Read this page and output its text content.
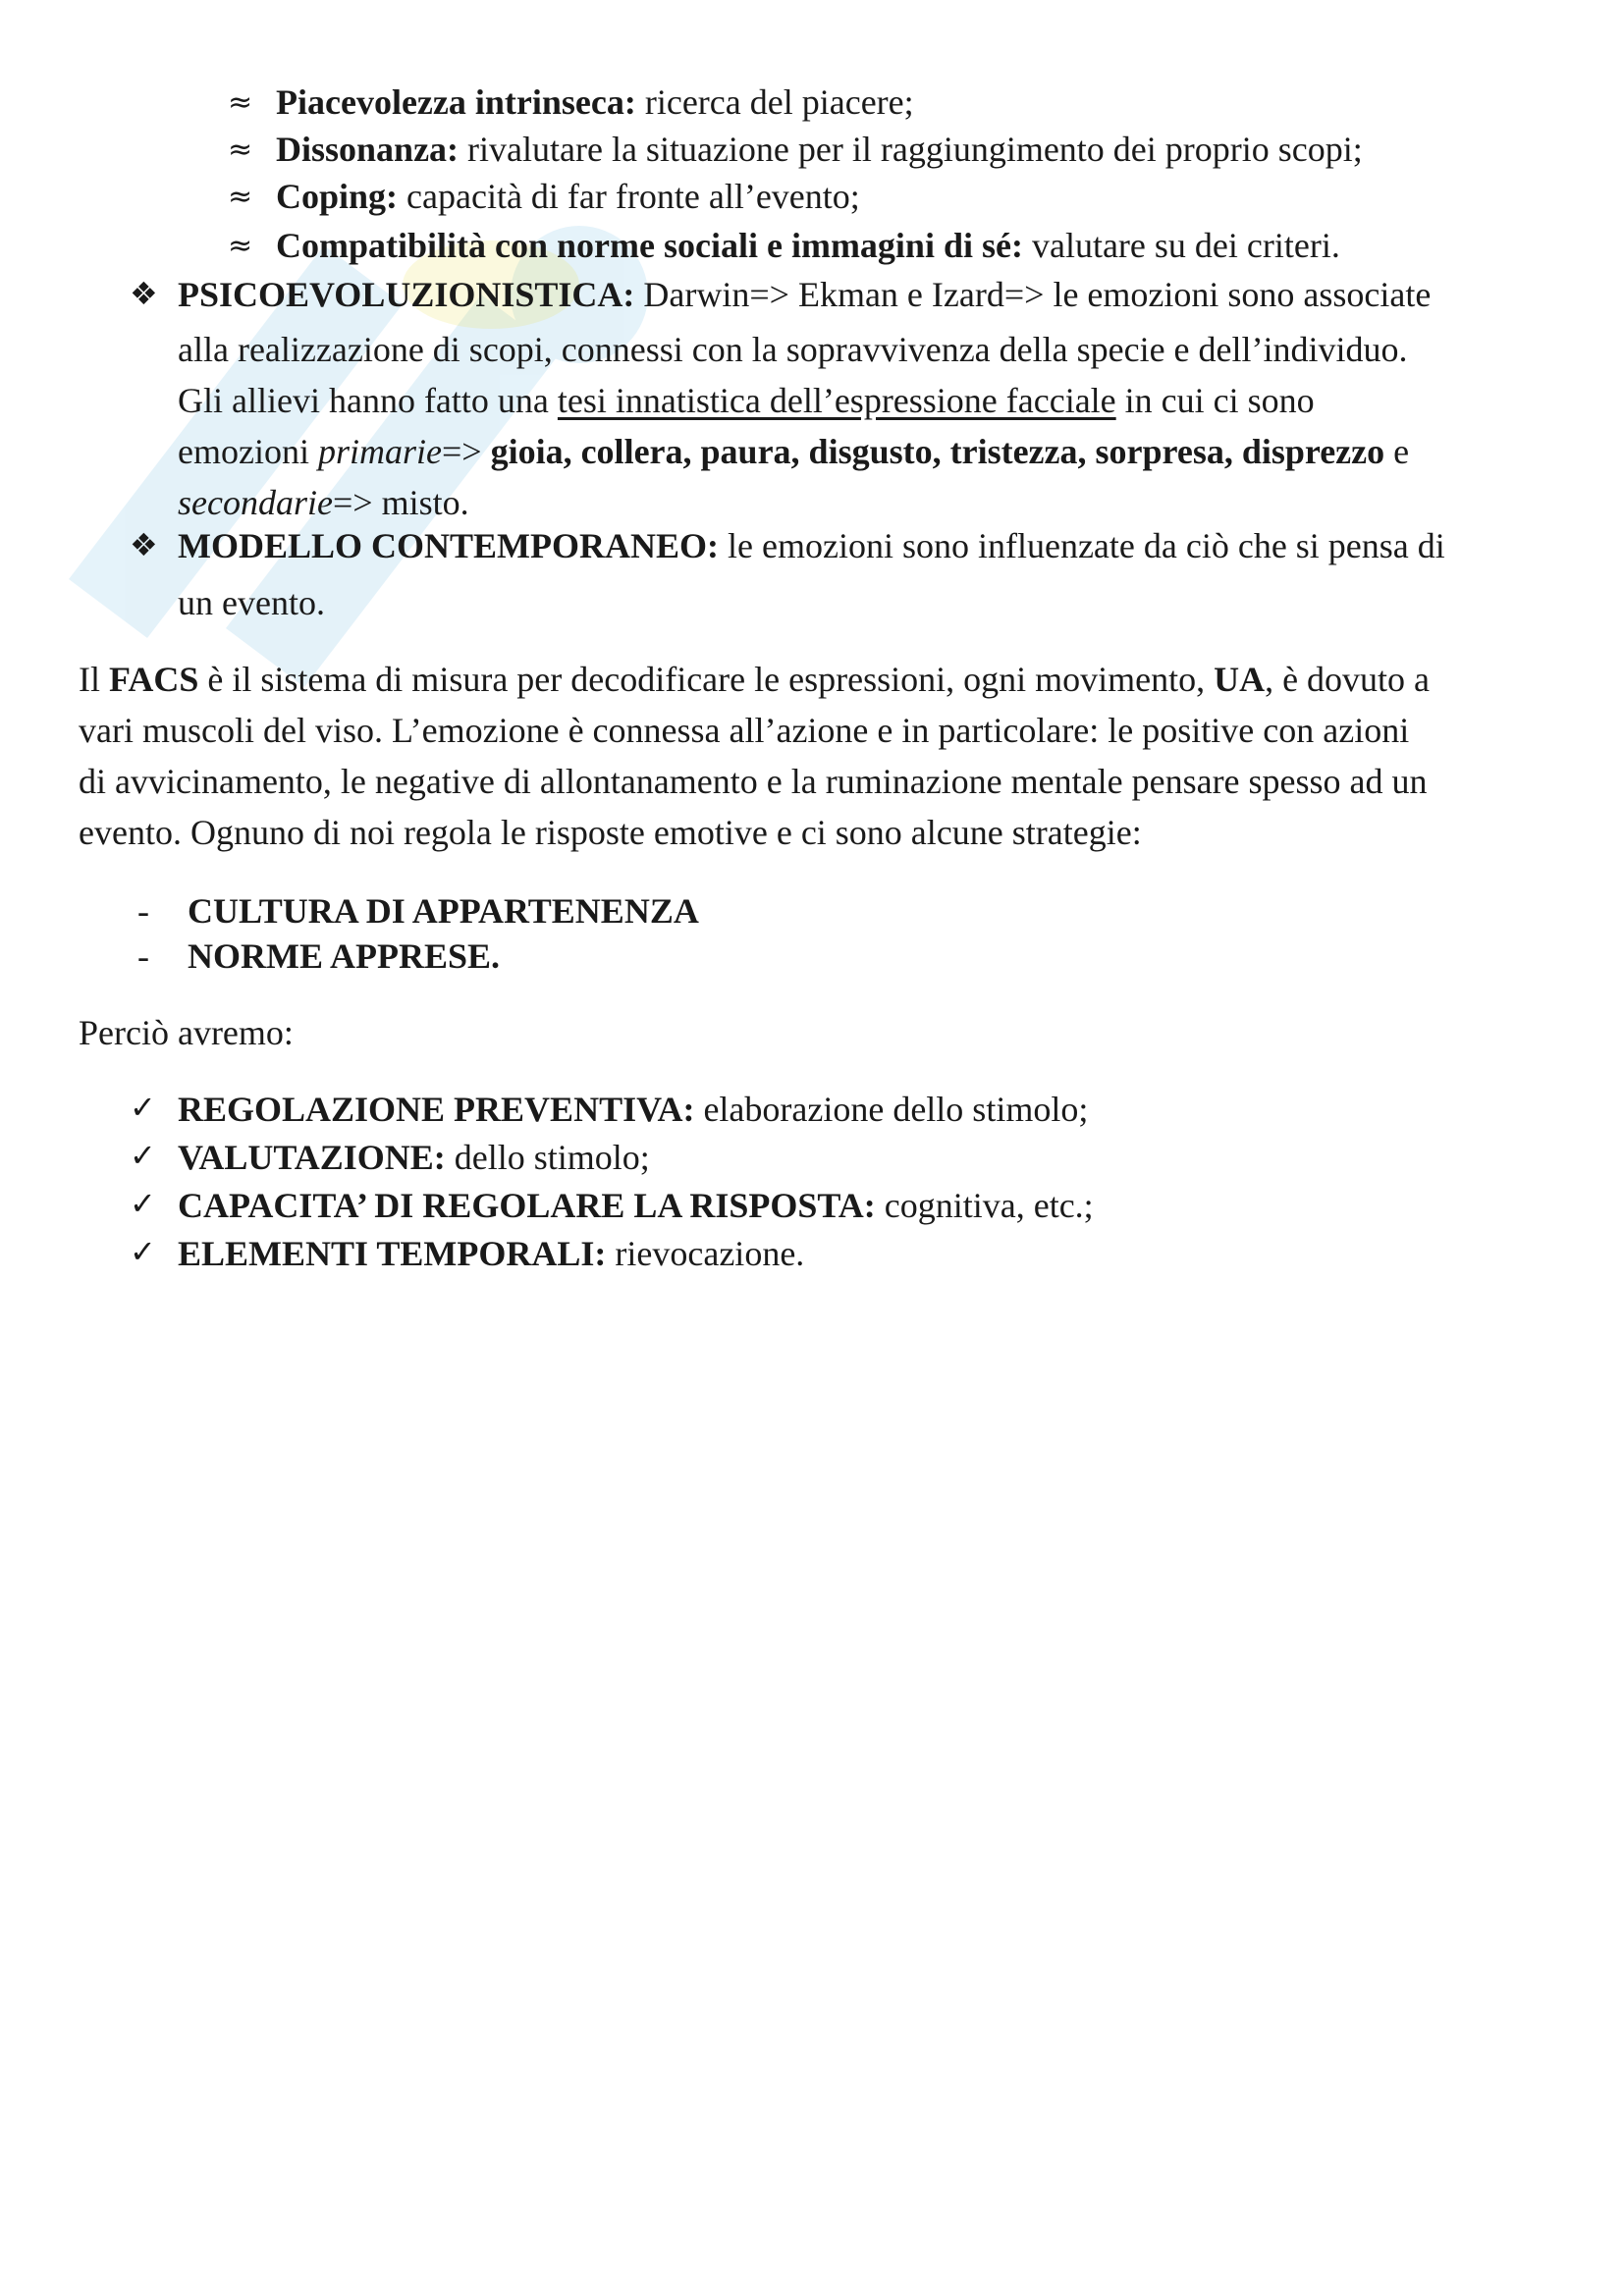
≈ Piacevolezza intrinseca: ricerca del piacere;
≈ Dissonanza: rivalutare la situazione per il raggiungimento dei proprio scopi;
≈ Coping: capacità di far fronte all’evento;
≈ Compatibilità con norme sociali e immagini di sé: valutare su dei criteri.
❖ PSICOEVOLUZIONISTICA: Darwin=> Ekman e Izard=> le emozioni sono associate
alla realizzazione di scopi, connessi con la sopravvivenza della specie e dell’individuo.
Gli allievi hanno fatto una tesi innatistica dell’espressione facciale in cui ci sono
emozioni primarie=> gioia, collera, paura, disgusto, tristezza, sorpresa, disprezzo e
secondarie=> misto.
❖ MODELLO CONTEMPORANEO: le emozioni sono influenzate da ciò che si pensa di
un evento.
Il FACS è il sistema di misura per decodificare le espressioni, ogni movimento, UA, è dovuto a
vari muscoli del viso. L’emozione è connessa all’azione e in particolare: le positive con azioni
di avvicinamento, le negative di allontanamento e la ruminazione mentale pensare spesso ad un
evento. Ognuno di noi regola le risposte emotive e ci sono alcune strategie:
- CULTURA DI APPARTENENZA
- NORME APPRESE.
Perciò avremo:
✓ REGOLAZIONE PREVENTIVA: elaborazione dello stimolo;
✓ VALUTAZIONE: dello stimolo;
✓ CAPACITA’ DI REGOLARE LA RISPOSTA: cognitiva, etc.;
✓ ELEMENTI TEMPORALI: rievocazione.
